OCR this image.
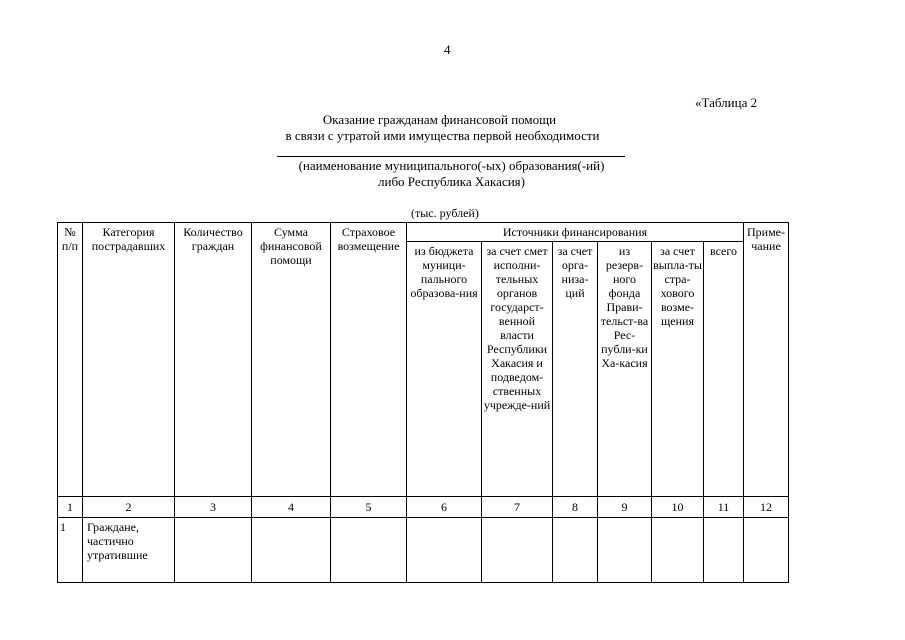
4
«Таблица 2
Оказание гражданам финансовой помощи
в связи с утратой ими имущества первой необходимости
(наименование муниципального(-ых) образования(-ий)
либо Республика Хакасия)
(тыс. рублей)
№ п/п	Категория пострадавших	Количество граждан	Сумма финансовой помощи	Страховое возмещение	Источники финансирования						Приме-чание
					из бюджета муници-пального образова-ния	за счет смет исполни-тельных органов государст-венной власти Республики Хакасия и подведом-ственных учрежде-ний	за счет орга-низа-ций	из резерв-ного фонда Прави-тельст-ва Рес-публи-ки Ха-касия	за счет выпла-ты стра-хового возме-щения	всего	
1	2	3	4	5	6	7	8	9	10	11	12
1	Граждане, частично утратившие										
